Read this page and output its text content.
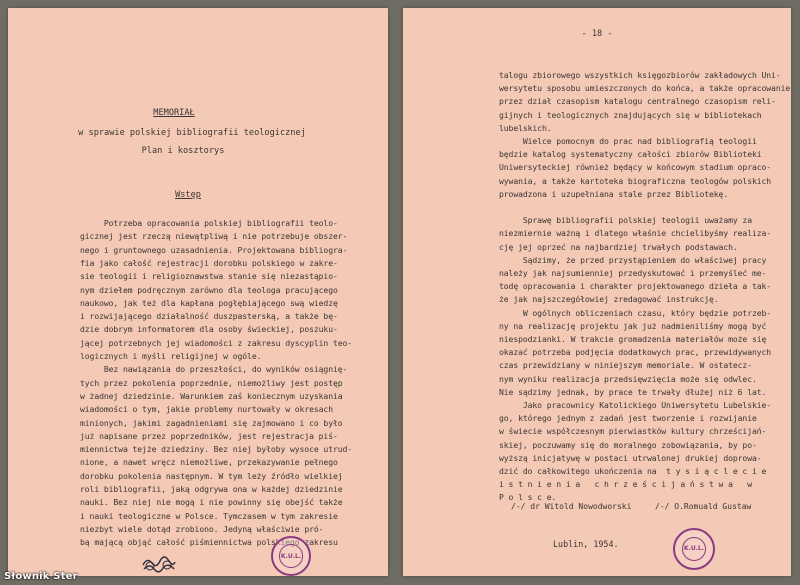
MEMORIAŁ
w sprawie polskiej bibliografii teologicznej
Plan i kosztorys
Wstęp
Potrzeba opracowania polskiej bibliografii teolo-
gicznej jest rzeczą niewątpliwą i nie potrzebuje obszer-
nego i gruntownego uzasadnienia. Projektowana bibliogra-
fia jako całość rejestracji dorobku polskiego w zakre-
sie teologii i religioznawstwa stanie się niezastąpio-
nym dziełem podręcznym zarówno dla teologa pracującego
naukowo, jak też dla kapłana pogłębiającego swą wiedzę
i rozwijającego działalność duszpasterską, a także bę-
dzie dobrym informatorem dla osoby świeckiej, poszuku-
jącej potrzebnych jej wiadomości z zakresu dyscyplin teo-
logicznych i myśli religijnej w ogóle.
Bez nawiązania do przeszłości, do wyników osiągnię-
tych przez pokolenia poprzednie, niemożliwy jest postęp
w żadnej dziedzinie. Warunkiem zaś koniecznym uzyskania
wiadomości o tym, jakie problemy nurtowały w okresach
minionych, jakimi zagadnieniami się zajmowano i co było
już napisane przez poprzedników, jest rejestracja piś-
miennictwa tejże dziedziny. Bez niej byłoby wysoce utrud-
nione, a nawet wręcz niemożliwe, przekazywanie pełnego
dorobku pokolenia następnym. W tym leży źródło wielkiej
roli bibliografii, jaką odgrywa ona w każdej dziedzinie
nauki. Bez niej nie mogą i nie powinny się obejść także
i nauki teologiczne w Polsce. Tymczasem w tym zakresie
niezbyt wiele dotąd zrobiono. Jedyną właściwie pró-
bą mającą objąć całość piśmiennictwa polskiego zakresu
K.U.L.
- 18 -
talogu zbiorowego wszystkich księgozbiorów zakładowych Uni-
wersytetu sposobu umieszczonych do końca, a także opracowanie
przez dział czasopism katalogu centralnego czasopism reli-
gijnych i teologicznych znajdujących się w bibliotekach
lubelskich.
Wielce pomocnym do prac nad bibliografią teologii
będzie katalog systematyczny całości zbiorów Biblioteki
Uniwersyteckiej również będący w końcowym stadium opraco-
wywania, a także kartoteka biograficzna teologów polskich
prowadzona i uzupełniana stale przez Bibliotekę.
Sprawę bibliografii polskiej teologii uważamy za
niezmiernie ważną i dlatego właśnie chcielibyśmy realiza-
cję jej oprzeć na najbardziej trwałych podstawach.
Sądzimy, że przed przystąpieniem do właściwej pracy
należy jak najsumienniej przedyskutować i przemyśleć me-
todę opracowania i charakter projektowanego dzieła a tak-
że jak najszczegółowiej zredagować instrukcję.
W ogólnych obliczeniach czasu, który będzie potrzeb-
ny na realizację projektu jak już nadmieniliśmy mogą być
niespodzianki. W trakcie gromadzenia materiałów może się
okazać potrzeba podjęcia dodatkowych prac, przewidywanych
czas przewidziany w niniejszym memoriale. W ostatecz-
nym wyniku realizacja przedsięwzięcia może się odwlec.
Nie sądzimy jednak, by prace te trwały dłużej niż 6 lat.
Jako pracownicy Katolickiego Uniwersytetu Lubelskie-
go, którego jednym z zadań jest tworzenie i rozwijanie
w świecie współczesnym pierwiastków kultury chrześcijań-
skiej, poczuwamy się do moralnego zobowiązania, by po-
wyższą inicjatywę w postaci utrwalonej drukiej doprowa-
dzić do całkowitego ukończenia na  t y s i ą c l e c i e
i s t n i e n i a   c h r z e ś c i j a ń s t w a   w
P o l s c e.
/-/ dr Witold Nowodworski	/-/ O.Romuald Gustaw
Lublin, 1954.	K.U.L.
Słownik Ster
